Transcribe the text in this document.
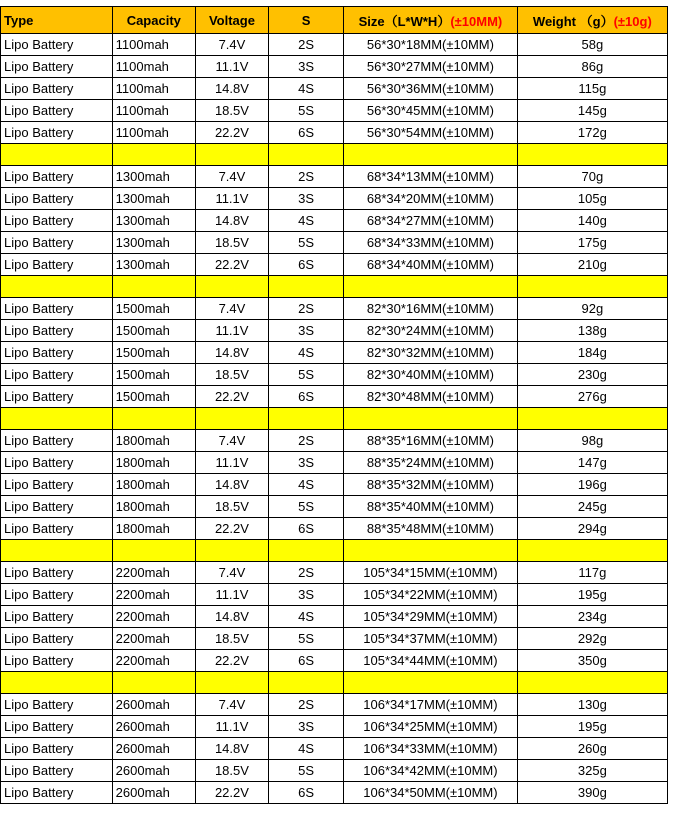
Type	Capacity	Voltage	S	Size（L*W*H）(±10MM)	Weight （g）(±10g)
Lipo Battery	1100mah	7.4V	2S	56*30*18MM(±10MM)	58g
Lipo Battery	1100mah	11.1V	3S	56*30*27MM(±10MM)	86g
Lipo Battery	1100mah	14.8V	4S	56*30*36MM(±10MM)	115g
Lipo Battery	1100mah	18.5V	5S	56*30*45MM(±10MM)	145g
Lipo Battery	1100mah	22.2V	6S	56*30*54MM(±10MM)	172g

Lipo Battery	1300mah	7.4V	2S	68*34*13MM(±10MM)	70g
Lipo Battery	1300mah	11.1V	3S	68*34*20MM(±10MM)	105g
Lipo Battery	1300mah	14.8V	4S	68*34*27MM(±10MM)	140g
Lipo Battery	1300mah	18.5V	5S	68*34*33MM(±10MM)	175g
Lipo Battery	1300mah	22.2V	6S	68*34*40MM(±10MM)	210g

Lipo Battery	1500mah	7.4V	2S	82*30*16MM(±10MM)	92g
Lipo Battery	1500mah	11.1V	3S	82*30*24MM(±10MM)	138g
Lipo Battery	1500mah	14.8V	4S	82*30*32MM(±10MM)	184g
Lipo Battery	1500mah	18.5V	5S	82*30*40MM(±10MM)	230g
Lipo Battery	1500mah	22.2V	6S	82*30*48MM(±10MM)	276g

Lipo Battery	1800mah	7.4V	2S	88*35*16MM(±10MM)	98g
Lipo Battery	1800mah	11.1V	3S	88*35*24MM(±10MM)	147g
Lipo Battery	1800mah	14.8V	4S	88*35*32MM(±10MM)	196g
Lipo Battery	1800mah	18.5V	5S	88*35*40MM(±10MM)	245g
Lipo Battery	1800mah	22.2V	6S	88*35*48MM(±10MM)	294g

Lipo Battery	2200mah	7.4V	2S	105*34*15MM(±10MM)	117g
Lipo Battery	2200mah	11.1V	3S	105*34*22MM(±10MM)	195g
Lipo Battery	2200mah	14.8V	4S	105*34*29MM(±10MM)	234g
Lipo Battery	2200mah	18.5V	5S	105*34*37MM(±10MM)	292g
Lipo Battery	2200mah	22.2V	6S	105*34*44MM(±10MM)	350g

Lipo Battery	2600mah	7.4V	2S	106*34*17MM(±10MM)	130g
Lipo Battery	2600mah	11.1V	3S	106*34*25MM(±10MM)	195g
Lipo Battery	2600mah	14.8V	4S	106*34*33MM(±10MM)	260g
Lipo Battery	2600mah	18.5V	5S	106*34*42MM(±10MM)	325g
Lipo Battery	2600mah	22.2V	6S	106*34*50MM(±10MM)	390g
